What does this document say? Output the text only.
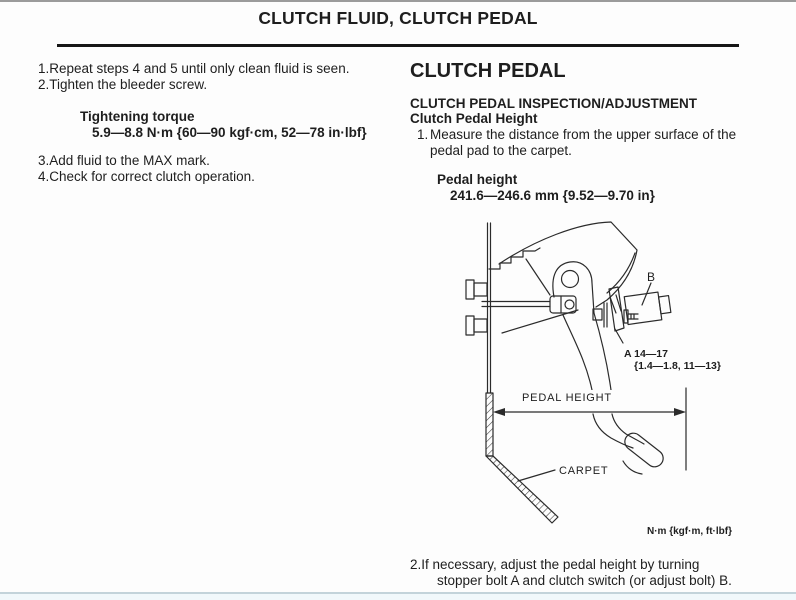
CLUTCH FLUID, CLUTCH PEDAL
1.Repeat steps 4 and 5 until only clean fluid is seen.
2.Tighten the bleeder screw.
Tightening torque
5.9—8.8 N·m {60—90 kgf·cm, 52—78 in·lbf}
3.Add fluid to the MAX mark.
4.Check for correct clutch operation.
CLUTCH PEDAL
CLUTCH PEDAL INSPECTION/ADJUSTMENT
Clutch Pedal Height
1. Measure the distance from the upper surface of the pedal pad to the carpet.
Pedal height
241.6—246.6 mm {9.52—9.70 in}
B
A 14—17
{1.4—1.8, 11—13}
PEDAL HEIGHT
CARPET
N·m {kgf·m, ft·lbf}
2.If necessary, adjust the pedal height by turning
stopper bolt A and clutch switch (or adjust bolt) B.
